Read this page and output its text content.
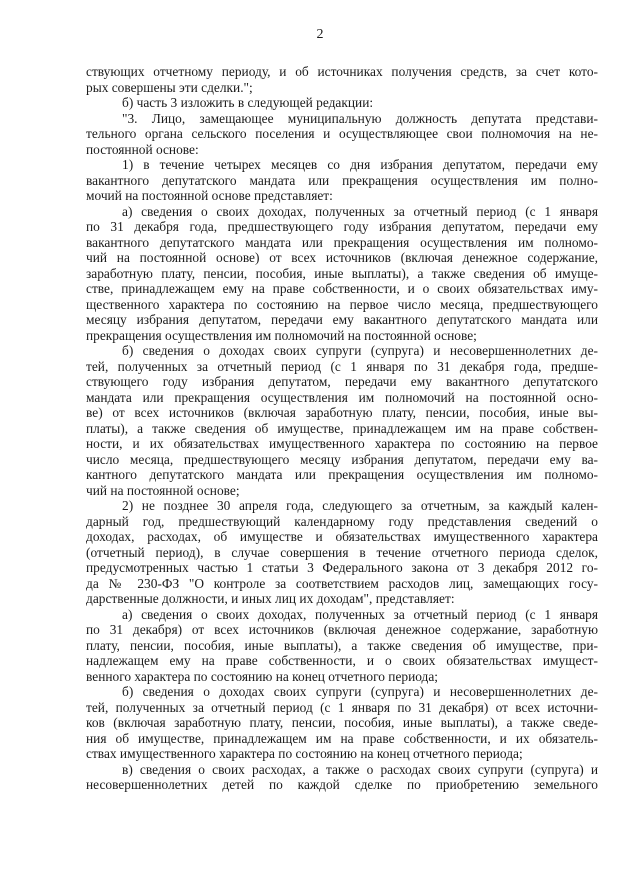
2
ствующих отчетному периоду, и об источниках получения средств, за счет кото-
рых совершены эти сделки.";
б) часть 3 изложить в следующей редакции:
"3. Лицо, замещающее муниципальную должность депутата представи-
тельного органа сельского поселения и осуществляющее свои полномочия на не-
постоянной основе:
1) в течение четырех месяцев со дня избрания депутатом, передачи ему
вакантного депутатского мандата или прекращения осуществления им полно-
мочий на постоянной основе представляет:
а) сведения о своих доходах, полученных за отчетный период (с 1 января
по 31 декабря года, предшествующего году избрания депутатом, передачи ему
вакантного депутатского мандата или прекращения осуществления им полномо-
чий на постоянной основе) от всех источников (включая денежное содержание,
заработную плату, пенсии, пособия, иные выплаты), а также сведения об имуще-
стве, принадлежащем ему на праве собственности, и о своих обязательствах иму-
щественного характера по состоянию на первое число месяца, предшествующего
месяцу избрания депутатом, передачи ему вакантного депутатского мандата или
прекращения осуществления им полномочий на постоянной основе;
б) сведения о доходах своих супруги (супруга) и несовершеннолетних де-
тей, полученных за отчетный период (с 1 января по 31 декабря года, предше-
ствующего году избрания депутатом, передачи ему вакантного депутатского
мандата или прекращения осуществления им полномочий на постоянной осно-
ве) от всех источников (включая заработную плату, пенсии, пособия, иные вы-
платы), а также сведения об имуществе, принадлежащем им на праве собствен-
ности, и их обязательствах имущественного характера по состоянию на первое
число месяца, предшествующего месяцу избрания депутатом, передачи ему ва-
кантного депутатского мандата или прекращения осуществления им полномо-
чий на постоянной основе;
2) не позднее 30 апреля года, следующего за отчетным, за каждый кален-
дарный год, предшествующий календарному году представления сведений о
доходах, расходах, об имуществе и обязательствах имущественного характера
(отчетный период), в случае совершения в течение отчетного периода сделок,
предусмотренных частью 1 статьи 3 Федерального закона от 3 декабря 2012 го-
да № 230-ФЗ "О контроле за соответствием расходов лиц, замещающих госу-
дарственные должности, и иных лиц их доходам", представляет:
а) сведения о своих доходах, полученных за отчетный период (с 1 января
по 31 декабря) от всех источников (включая денежное содержание, заработную
плату, пенсии, пособия, иные выплаты), а также сведения об имуществе, при-
надлежащем ему на праве собственности, и о своих обязательствах имущест-
венного характера по состоянию на конец отчетного периода;
б) сведения о доходах своих супруги (супруга) и несовершеннолетних де-
тей, полученных за отчетный период (с 1 января по 31 декабря) от всех источни-
ков (включая заработную плату, пенсии, пособия, иные выплаты), а также сведе-
ния об имуществе, принадлежащем им на праве собственности, и их обязатель-
ствах имущественного характера по состоянию на конец отчетного периода;
в) сведения о своих расходах, а также о расходах своих супруги (супруга) и
несовершеннолетних детей по каждой сделке по приобретению земельного
